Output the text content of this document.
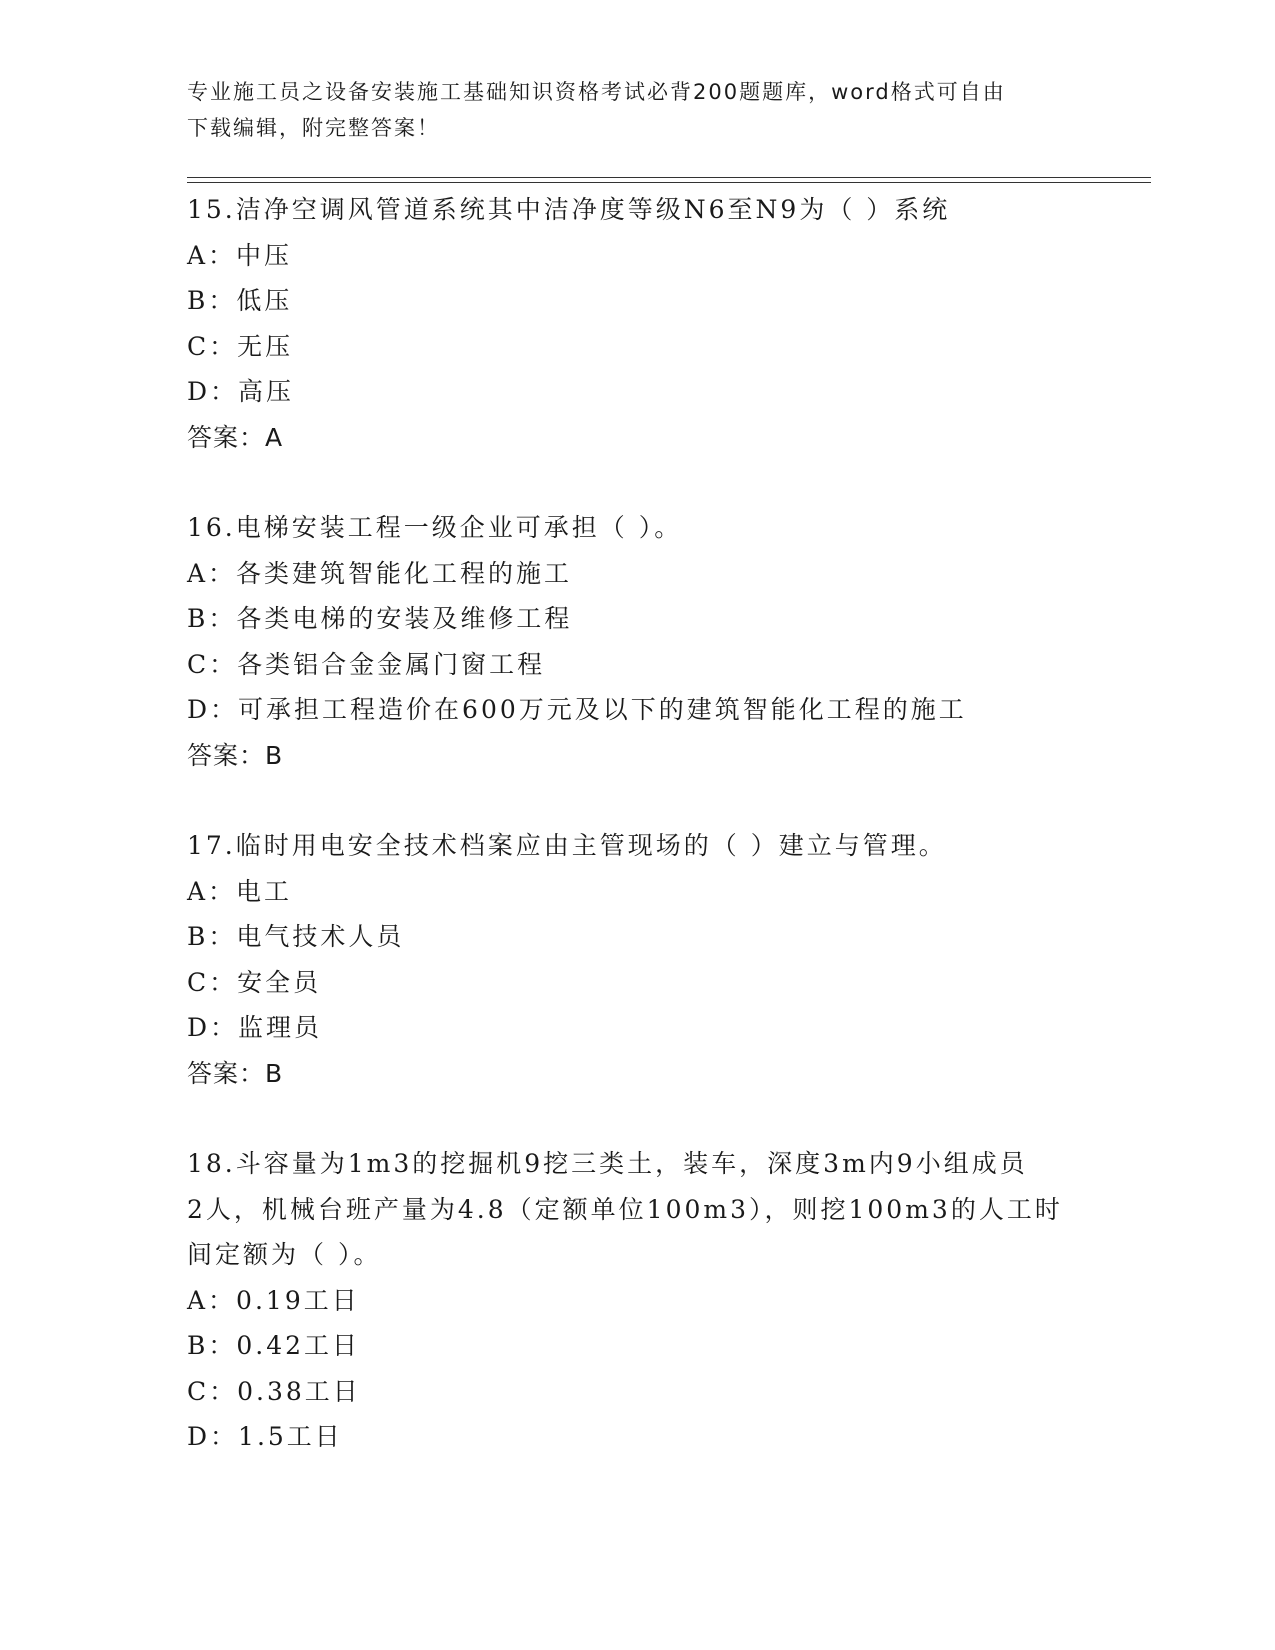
专业施工员之设备安装施工基础知识资格考试必背200题题库，word格式可自由
下载编辑，附完整答案！
15.洁净空调风管道系统其中洁净度等级N6至N9为（ ）系统
A：中压
B：低压
C：无压
D：高压
答案：A
16.电梯安装工程一级企业可承担（ ）。
A：各类建筑智能化工程的施工
B：各类电梯的安装及维修工程
C：各类铝合金金属门窗工程
D：可承担工程造价在600万元及以下的建筑智能化工程的施工
答案：B
17.临时用电安全技术档案应由主管现场的（ ）建立与管理。
A：电工
B：电气技术人员
C：安全员
D：监理员
答案：B
18.斗容量为1m3的挖掘机9挖三类土，装车，深度3m内9小组成员
2人，机械台班产量为4.8（定额单位100m3），则挖100m3的人工时
间定额为（ ）。
A：0.19工日
B：0.42工日
C：0.38工日
D：1.5工日
